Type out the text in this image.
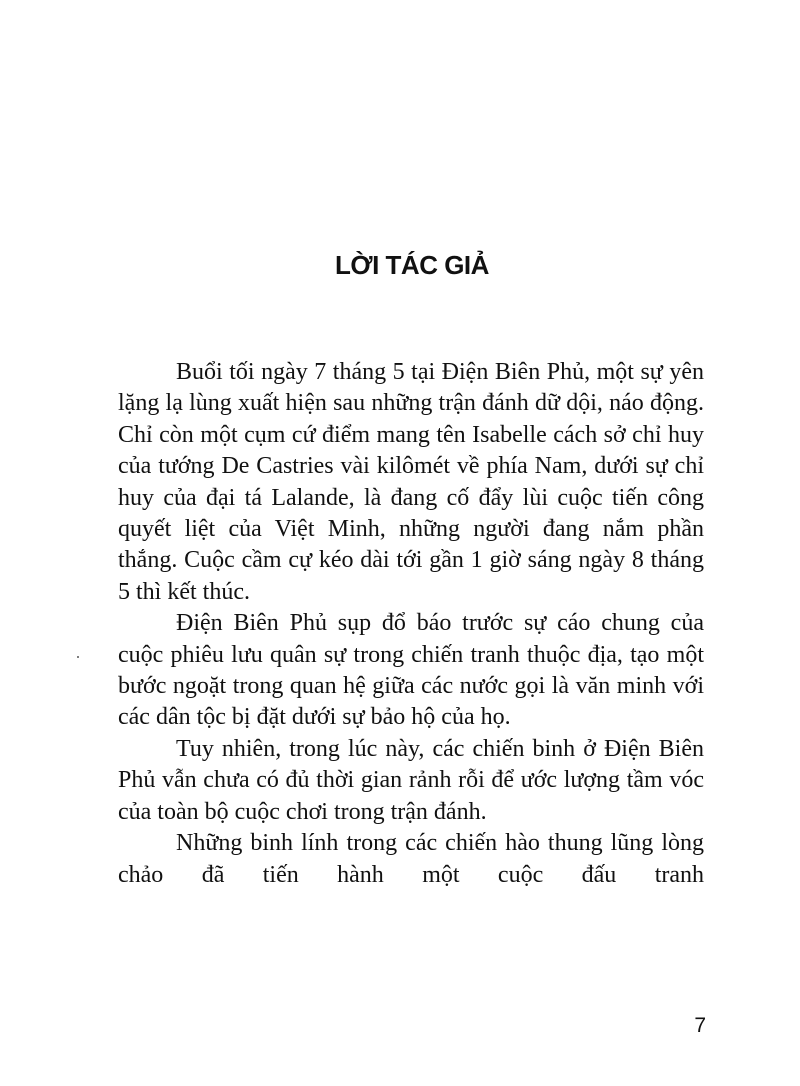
LỜI TÁC GIẢ

Buổi tối ngày 7 tháng 5 tại Điện Biên Phủ, một sự yên lặng lạ lùng xuất hiện sau những trận đánh dữ dội, náo động. Chỉ còn một cụm cứ điểm mang tên Isabelle cách sở chỉ huy của tướng De Castries vài kilômét về phía Nam, dưới sự chỉ huy của đại tá Lalande, là đang cố đẩy lùi cuộc tiến công quyết liệt của Việt Minh, những người đang nắm phần thắng. Cuộc cầm cự kéo dài tới gần 1 giờ sáng ngày 8 tháng 5 thì kết thúc.

Điện Biên Phủ sụp đổ báo trước sự cáo chung của cuộc phiêu lưu quân sự trong chiến tranh thuộc địa, tạo một bước ngoặt trong quan hệ giữa các nước gọi là văn minh với các dân tộc bị đặt dưới sự bảo hộ của họ.

Tuy nhiên, trong lúc này, các chiến binh ở Điện Biên Phủ vẫn chưa có đủ thời gian rảnh rỗi để ước lượng tầm vóc của toàn bộ cuộc chơi trong trận đánh.

Những binh lính trong các chiến hào thung lũng lòng chảo đã tiến hành một cuộc đấu tranh

7
